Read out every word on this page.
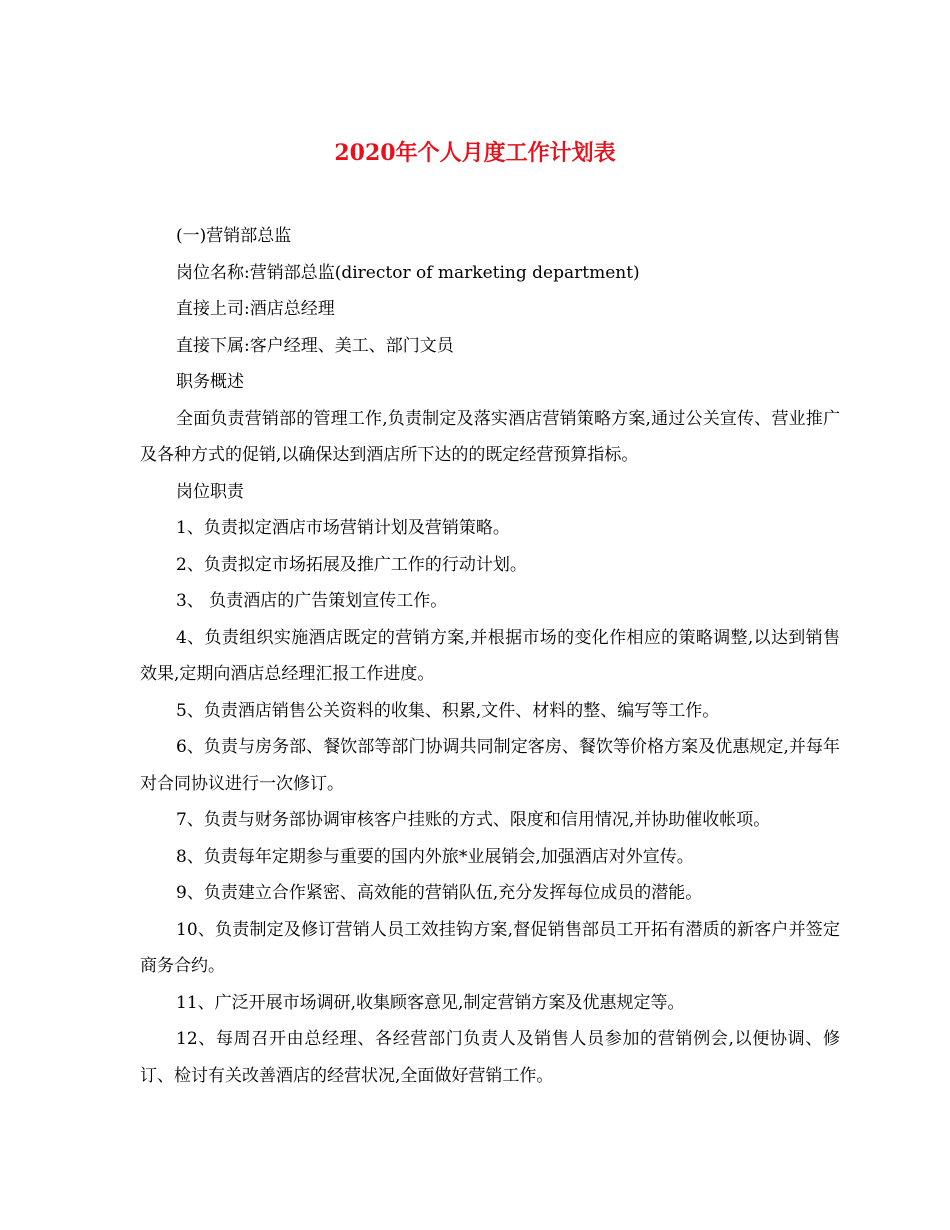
2020年个人月度工作计划表

(一)营销部总监

岗位名称:营销部总监(director of marketing department)

直接上司:酒店总经理

直接下属:客户经理、美工、部门文员

职务概述

全面负责营销部的管理工作,负责制定及落实酒店营销策略方案,通过公关宣传、营业推广及各种方式的促销,以确保达到酒店所下达的的既定经营预算指标。

岗位职责

1、负责拟定酒店市场营销计划及营销策略。

2、负责拟定市场拓展及推广工作的行动计划。

3、 负责酒店的广告策划宣传工作。

4、负责组织实施酒店既定的营销方案,并根据市场的变化作相应的策略调整,以达到销售效果,定期向酒店总经理汇报工作进度。

5、负责酒店销售公关资料的收集、积累,文件、材料的整、编写等工作。

6、负责与房务部、餐饮部等部门协调共同制定客房、餐饮等价格方案及优惠规定,并每年对合同协议进行一次修订。

7、负责与财务部协调审核客户挂账的方式、限度和信用情况,并协助催收帐项。

8、负责每年定期参与重要的国内外旅*业展销会,加强酒店对外宣传。

9、负责建立合作紧密、高效能的营销队伍,充分发挥每位成员的潜能。

10、负责制定及修订营销人员工效挂钩方案,督促销售部员工开拓有潜质的新客户并签定商务合约。

11、广泛开展市场调研,收集顾客意见,制定营销方案及优惠规定等。

12、每周召开由总经理、各经营部门负责人及销售人员参加的营销例会,以便协调、修订、检讨有关改善酒店的经营状况,全面做好营销工作。
